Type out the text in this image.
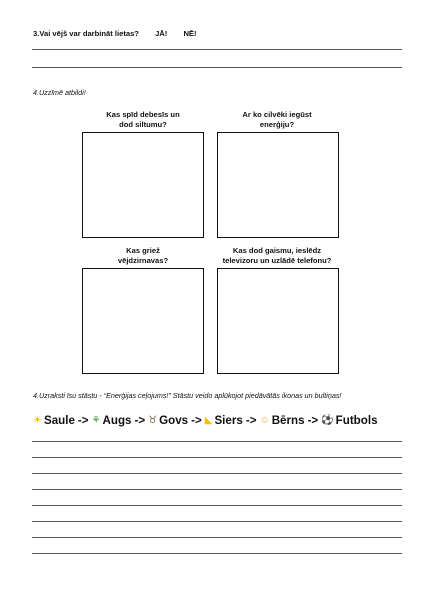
3.Vai vējš var darbināt lietas? JĀ! NĒ!
4.Uzzīmē atbildi!
Kas spīd debesīs un
dod siltumu?
Ar ko cilvēki iegūst
enerģiju?
Kas griež
vējdzirnavas?
Kas dod gaismu, ieslēdz
televizoru un uzlādē telefonu?
4.Uzraksti īsu stāstu - “Enerģijas ceļojums!” Stāstu veido aplūkojot piedāvātās ikonas un bultiņas!
☀ Saule -> ⚘ Augs -> ♉ Govs -> ◣ Siers -> ☺ Bērns -> ⚽ Futbols
